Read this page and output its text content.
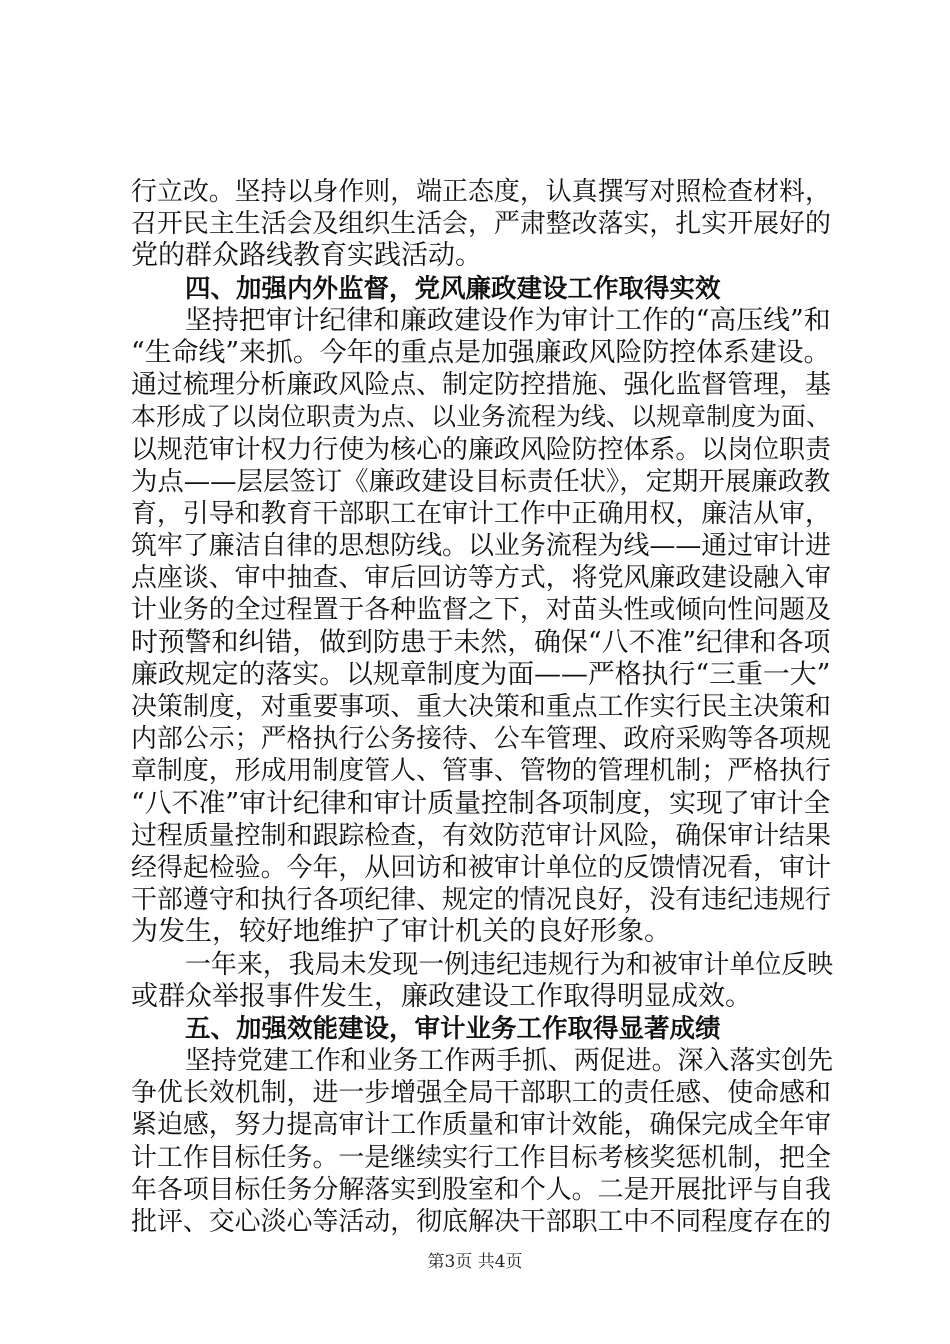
行立改。坚持以身作则，端正态度，认真撰写对照检查材料，
召开民主生活会及组织生活会，严肃整改落实，扎实开展好的
党的群众路线教育实践活动。
四、加强内外监督，党风廉政建设工作取得实效
坚持把审计纪律和廉政建设作为审计工作的“高压线”和
“生命线”来抓。今年的重点是加强廉政风险防控体系建设。
通过梳理分析廉政风险点、制定防控措施、强化监督管理，基
本形成了以岗位职责为点、以业务流程为线、以规章制度为面、
以规范审计权力行使为核心的廉政风险防控体系。以岗位职责
为点——层层签订《廉政建设目标责任状》，定期开展廉政教
育，引导和教育干部职工在审计工作中正确用权，廉洁从审，
筑牢了廉洁自律的思想防线。以业务流程为线——通过审计进
点座谈、审中抽查、审后回访等方式，将党风廉政建设融入审
计业务的全过程置于各种监督之下，对苗头性或倾向性问题及
时预警和纠错，做到防患于未然，确保“八不准”纪律和各项
廉政规定的落实。以规章制度为面——严格执行“三重一大”
决策制度，对重要事项、重大决策和重点工作实行民主决策和
内部公示；严格执行公务接待、公车管理、政府采购等各项规
章制度，形成用制度管人、管事、管物的管理机制；严格执行
“八不准”审计纪律和审计质量控制各项制度，实现了审计全
过程质量控制和跟踪检查，有效防范审计风险，确保审计结果
经得起检验。今年，从回访和被审计单位的反馈情况看，审计
干部遵守和执行各项纪律、规定的情况良好，没有违纪违规行
为发生，较好地维护了审计机关的良好形象。
一年来，我局未发现一例违纪违规行为和被审计单位反映
或群众举报事件发生，廉政建设工作取得明显成效。
五、加强效能建设，审计业务工作取得显著成绩
坚持党建工作和业务工作两手抓、两促进。深入落实创先
争优长效机制，进一步增强全局干部职工的责任感、使命感和
紧迫感，努力提高审计工作质量和审计效能，确保完成全年审
计工作目标任务。一是继续实行工作目标考核奖惩机制，把全
年各项目标任务分解落实到股室和个人。二是开展批评与自我
批评、交心淡心等活动，彻底解决干部职工中不同程度存在的
第3页 共4页
